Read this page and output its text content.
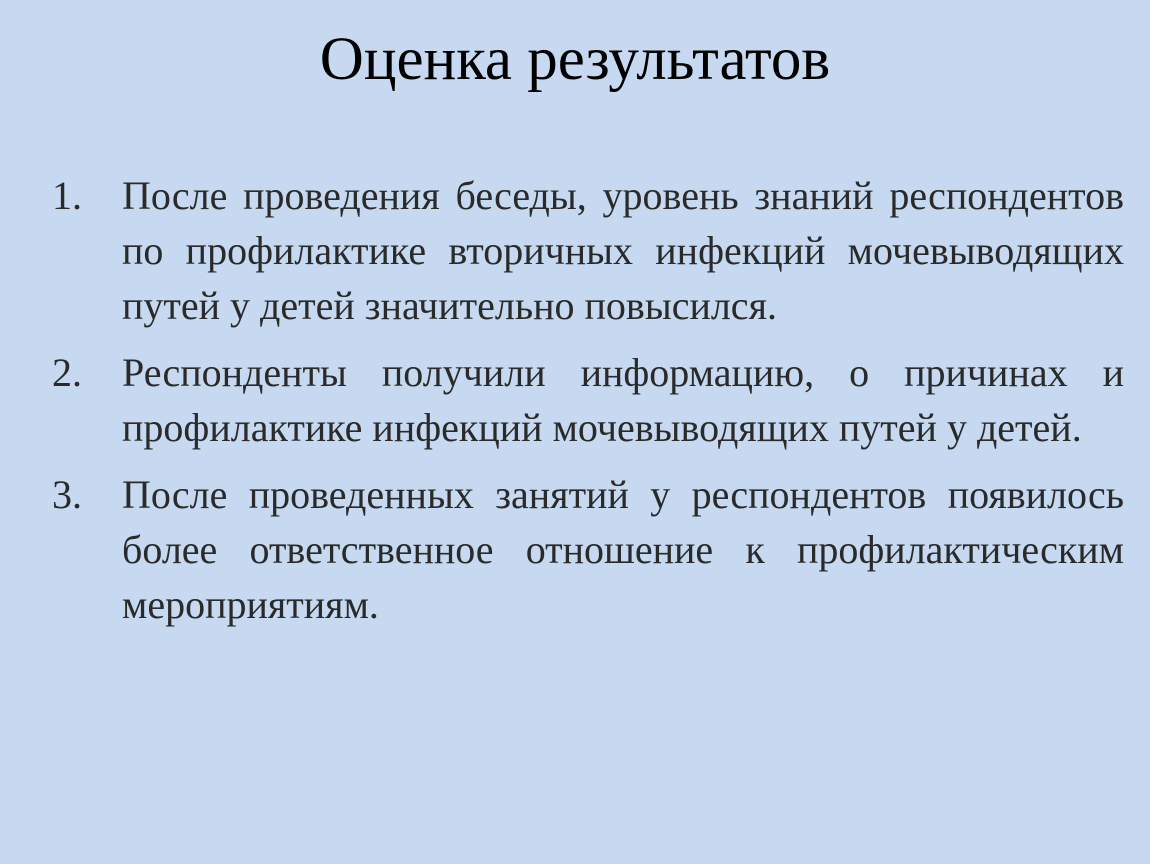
Оценка результатов
1.	После проведения беседы, уровень знаний респондентов по профилактике вторичных инфекций мочевыводящих путей у детей значительно повысился.
2.	Респонденты получили информацию, о причинах и профилактике инфекций мочевыводящих путей у детей.
3.	После проведенных занятий у респондентов появилось более ответственное отношение к профилактическим мероприятиям.
